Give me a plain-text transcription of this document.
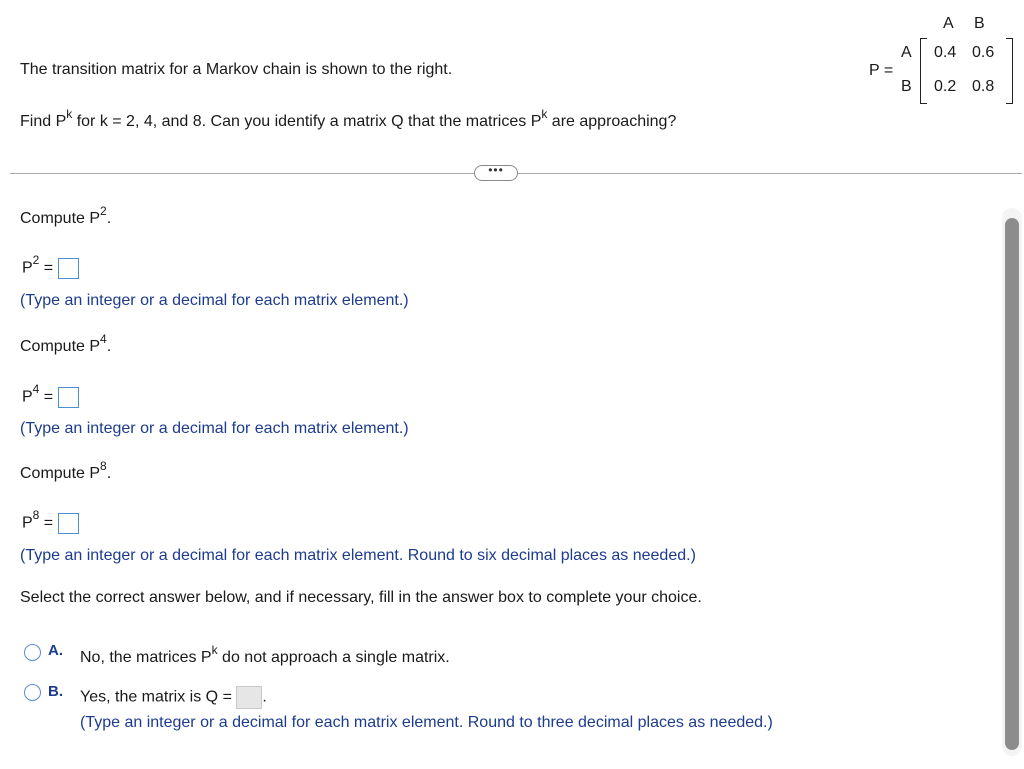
The transition matrix for a Markov chain is shown to the right.
Find $P^k$ for k = 2, 4, and 8. Can you identify a matrix Q that the matrices $P^k$ are approaching?
P =
A B
A
B
0.4 0.6
0.2 0.8
•••
Compute $P^2$.
$P^2$ =
(Type an integer or a decimal for each matrix element.)
Compute $P^4$.
$P^4$ =
(Type an integer or a decimal for each matrix element.)
Compute $P^8$.
$P^8$ =
(Type an integer or a decimal for each matrix element. Round to six decimal places as needed.)
Select the correct answer below, and if necessary, fill in the answer box to complete your choice.
A. No, the matrices $P^k$ do not approach a single matrix.
B. Yes, the matrix is Q = .
(Type an integer or a decimal for each matrix element. Round to three decimal places as needed.)
